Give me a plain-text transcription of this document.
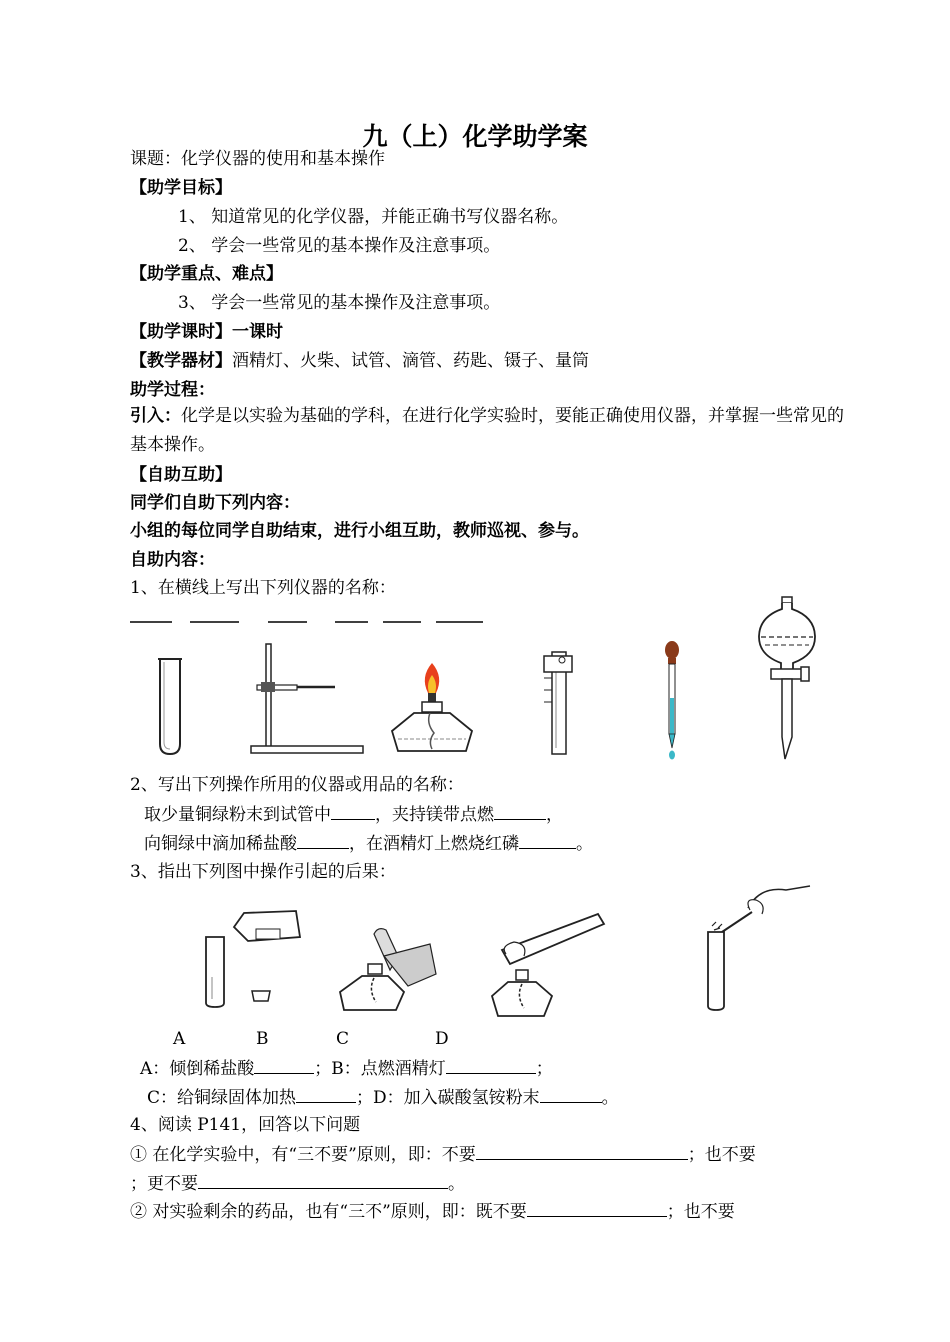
九（上）化学助学案
课题：化学仪器的使用和基本操作
【助学目标】
1、 知道常见的化学仪器，并能正确书写仪器名称。
2、 学会一些常见的基本操作及注意事项。
【助学重点、难点】
3、 学会一些常见的基本操作及注意事项。
【助学课时】一课时
【教学器材】酒精灯、火柴、试管、滴管、药匙、镊子、量筒
助学过程：
引入：化学是以实验为基础的学科，在进行化学实验时，要能正确使用仪器，并掌握一些常见的基本操作。
【自助互助】
同学们自助下列内容：
小组的每位同学自助结束，进行小组互助，教师巡视、参与。
自助内容：
1、在横线上写出下列仪器的名称：
2、写出下列操作所用的仪器或用品的名称：
取少量铜绿粉末到试管中	，夹持镁带点燃	，
向铜绿中滴加稀盐酸	，在酒精灯上燃烧红磷	。
3、指出下列图中操作引起的后果：
A	B	C	D
A：倾倒稀盐酸	；B：点燃酒精灯	；
C：给铜绿固体加热	；D：加入碳酸氢铵粉末	。
4、阅读 P141，回答以下问题
① 在化学实验中，有“三不要”原则，即：不要	；也不要
；更不要	。
② 对实验剩余的药品，也有“三不”原则，即：既不要	；也不要
